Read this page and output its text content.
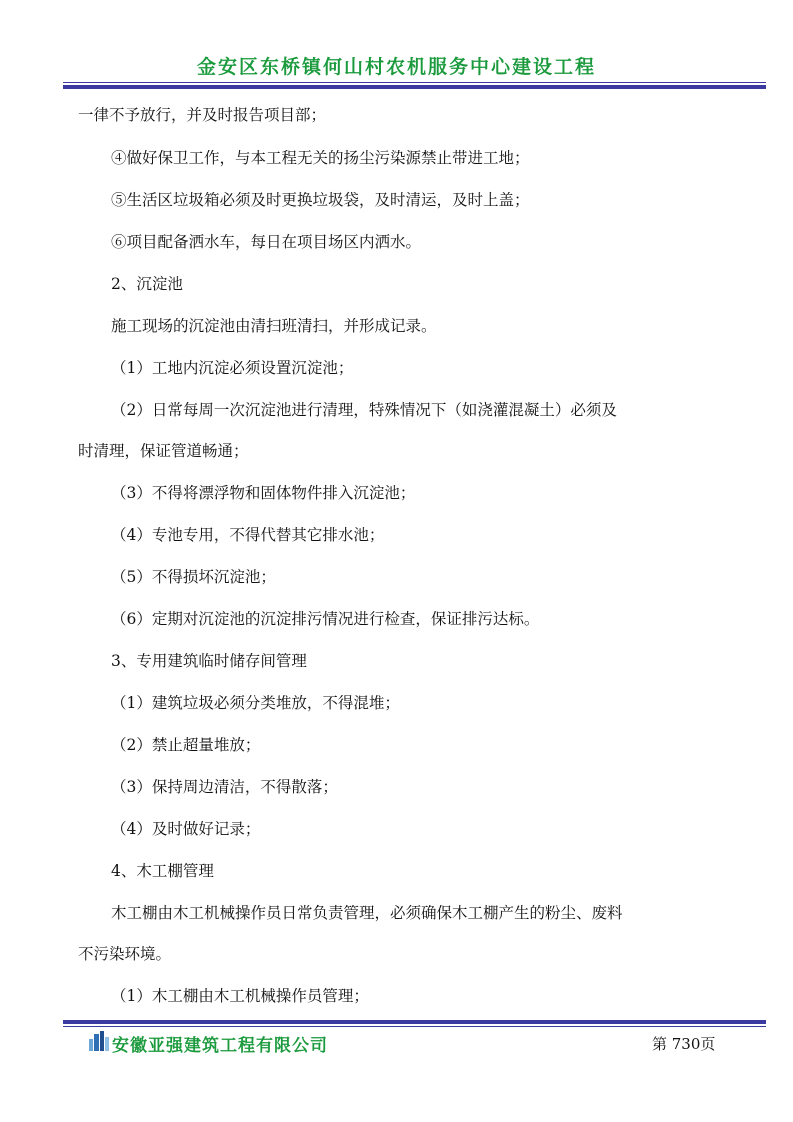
金安区东桥镇何山村农机服务中心建设工程
一律不予放行，并及时报告项目部；
④做好保卫工作，与本工程无关的扬尘污染源禁止带进工地；
⑤生活区垃圾箱必须及时更换垃圾袋，及时清运，及时上盖；
⑥项目配备洒水车，每日在项目场区内洒水。
2、沉淀池
施工现场的沉淀池由清扫班清扫，并形成记录。
（1）工地内沉淀必须设置沉淀池；
（2）日常每周一次沉淀池进行清理，特殊情况下（如浇灌混凝土）必须及
时清理，保证管道畅通；
（3）不得将漂浮物和固体物件排入沉淀池；
（4）专池专用，不得代替其它排水池；
（5）不得损坏沉淀池；
（6）定期对沉淀池的沉淀排污情况进行检查，保证排污达标。
3、专用建筑临时储存间管理
（1）建筑垃圾必须分类堆放，不得混堆；
（2）禁止超量堆放；
（3）保持周边清洁，不得散落；
（4）及时做好记录；
4、木工棚管理
木工棚由木工机械操作员日常负责管理，必须确保木工棚产生的粉尘、废料
不污染环境。
（1）木工棚由木工机械操作员管理；
安徽亚强建筑工程有限公司	第 730页
